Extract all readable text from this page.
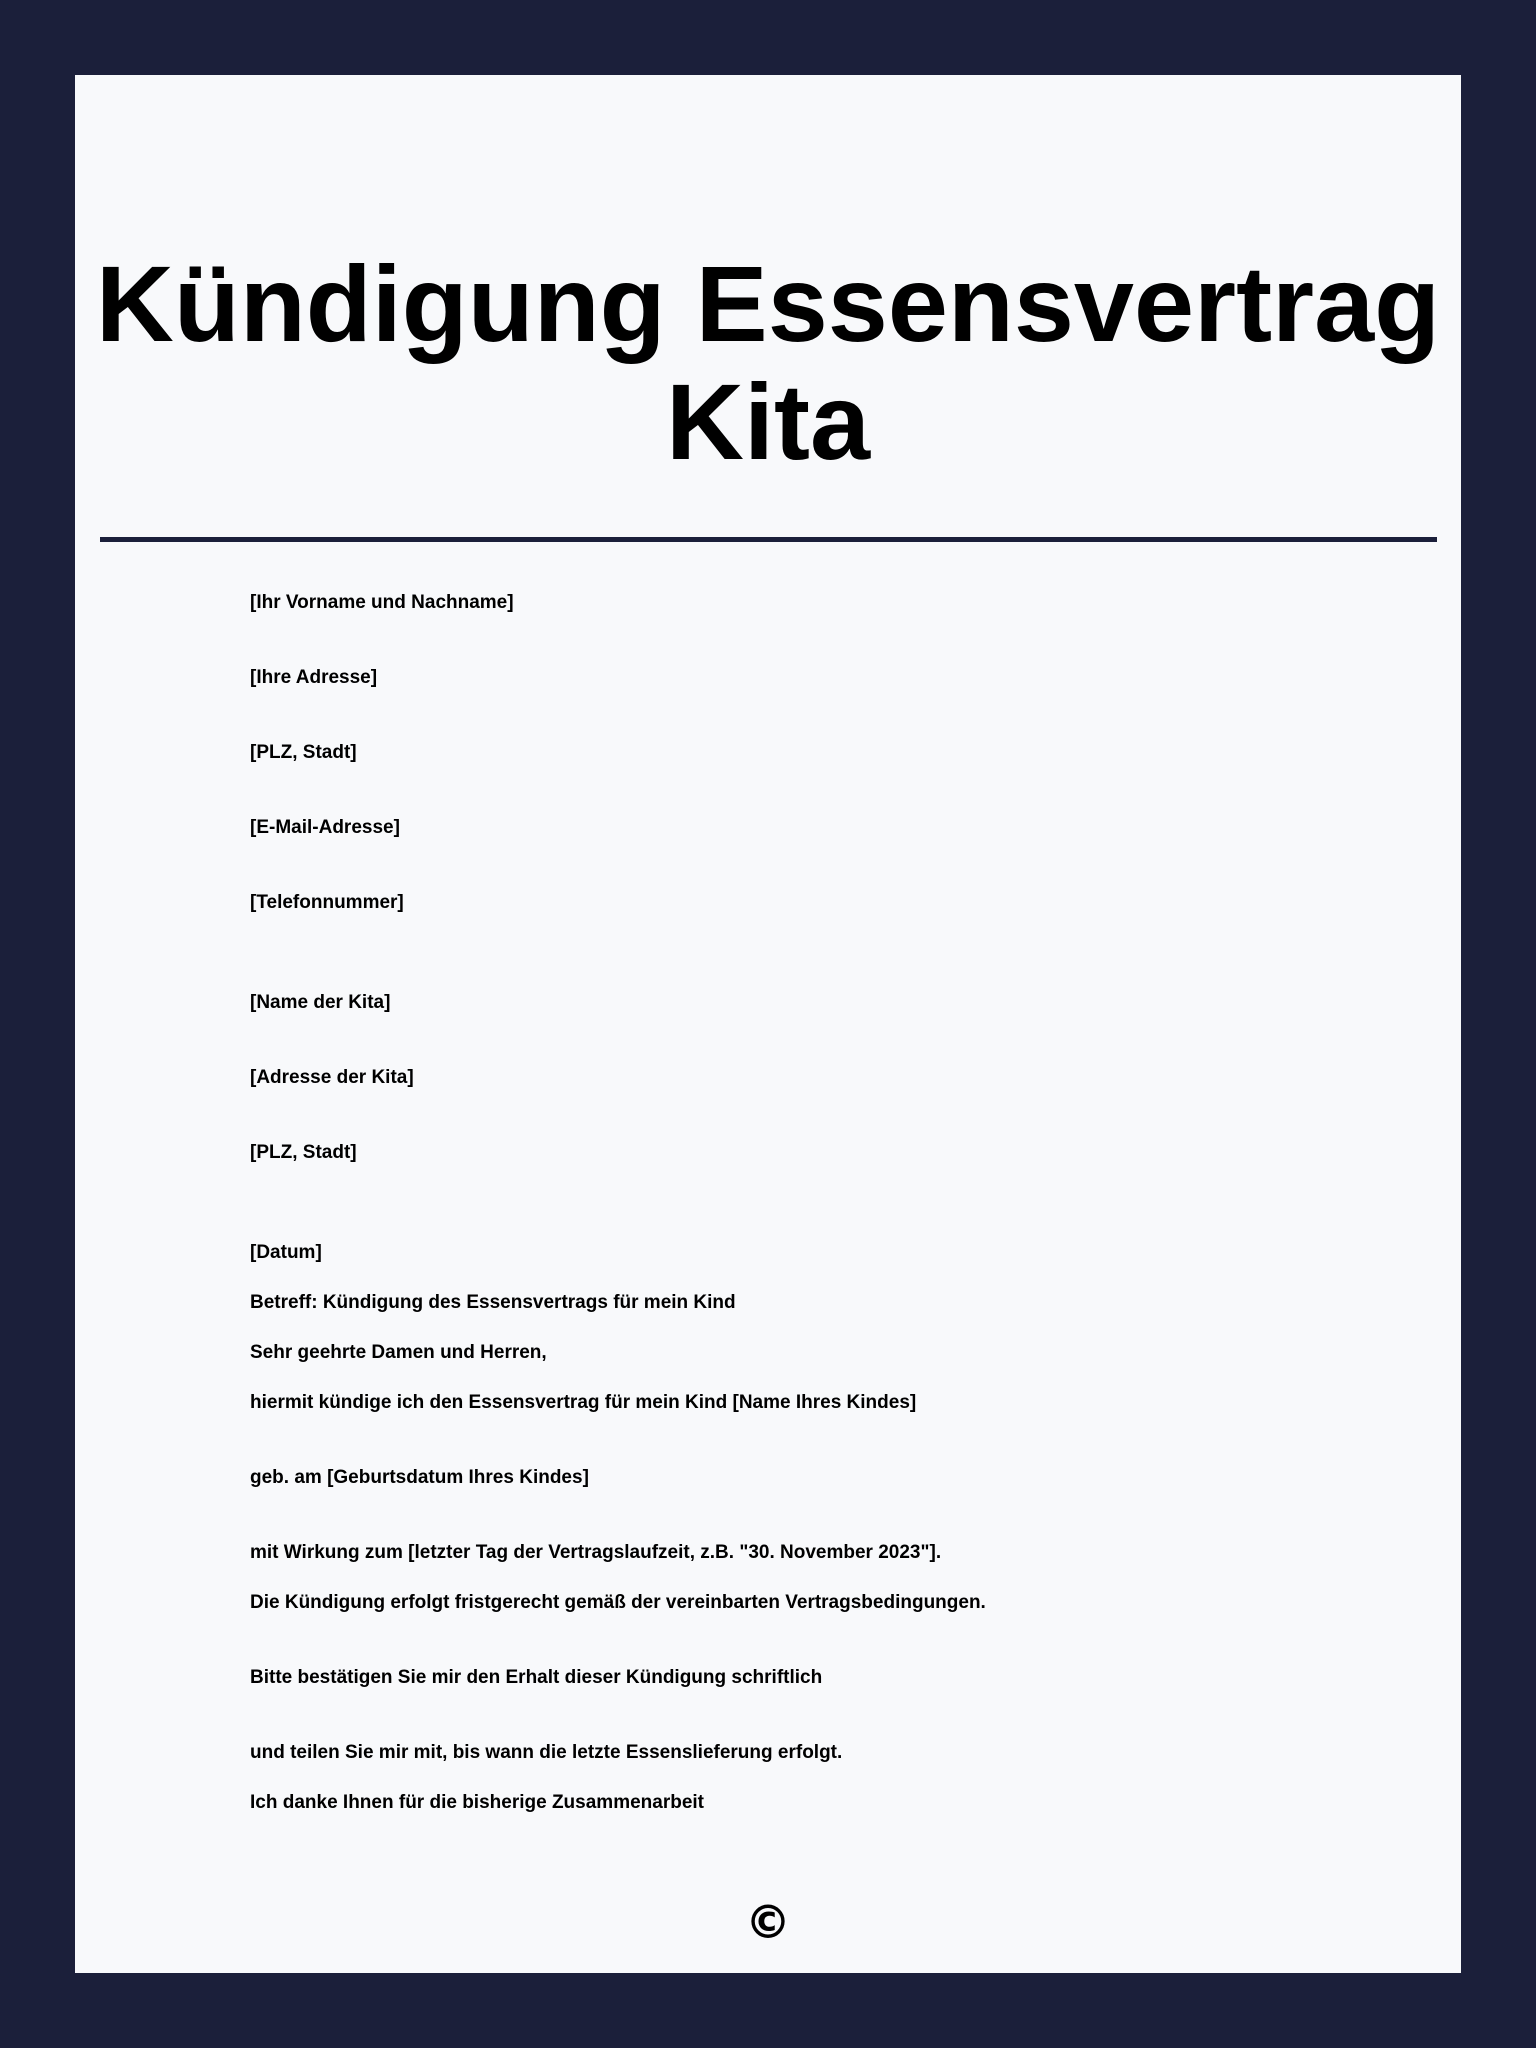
Kündigung Essensvertrag
Kita

[Ihr Vorname und Nachname]

[Ihre Adresse]

[PLZ, Stadt]

[E-Mail-Adresse]

[Telefonnummer]

[Name der Kita]

[Adresse der Kita]

[PLZ, Stadt]

[Datum]

Betreff: Kündigung des Essensvertrags für mein Kind

Sehr geehrte Damen und Herren,

hiermit kündige ich den Essensvertrag für mein Kind [Name Ihres Kindes]

geb. am [Geburtsdatum Ihres Kindes]

mit Wirkung zum [letzter Tag der Vertragslaufzeit, z.B. "30. November 2023"].

Die Kündigung erfolgt fristgerecht gemäß der vereinbarten Vertragsbedingungen.

Bitte bestätigen Sie mir den Erhalt dieser Kündigung schriftlich

und teilen Sie mir mit, bis wann die letzte Essenslieferung erfolgt.

Ich danke Ihnen für die bisherige Zusammenarbeit

©
